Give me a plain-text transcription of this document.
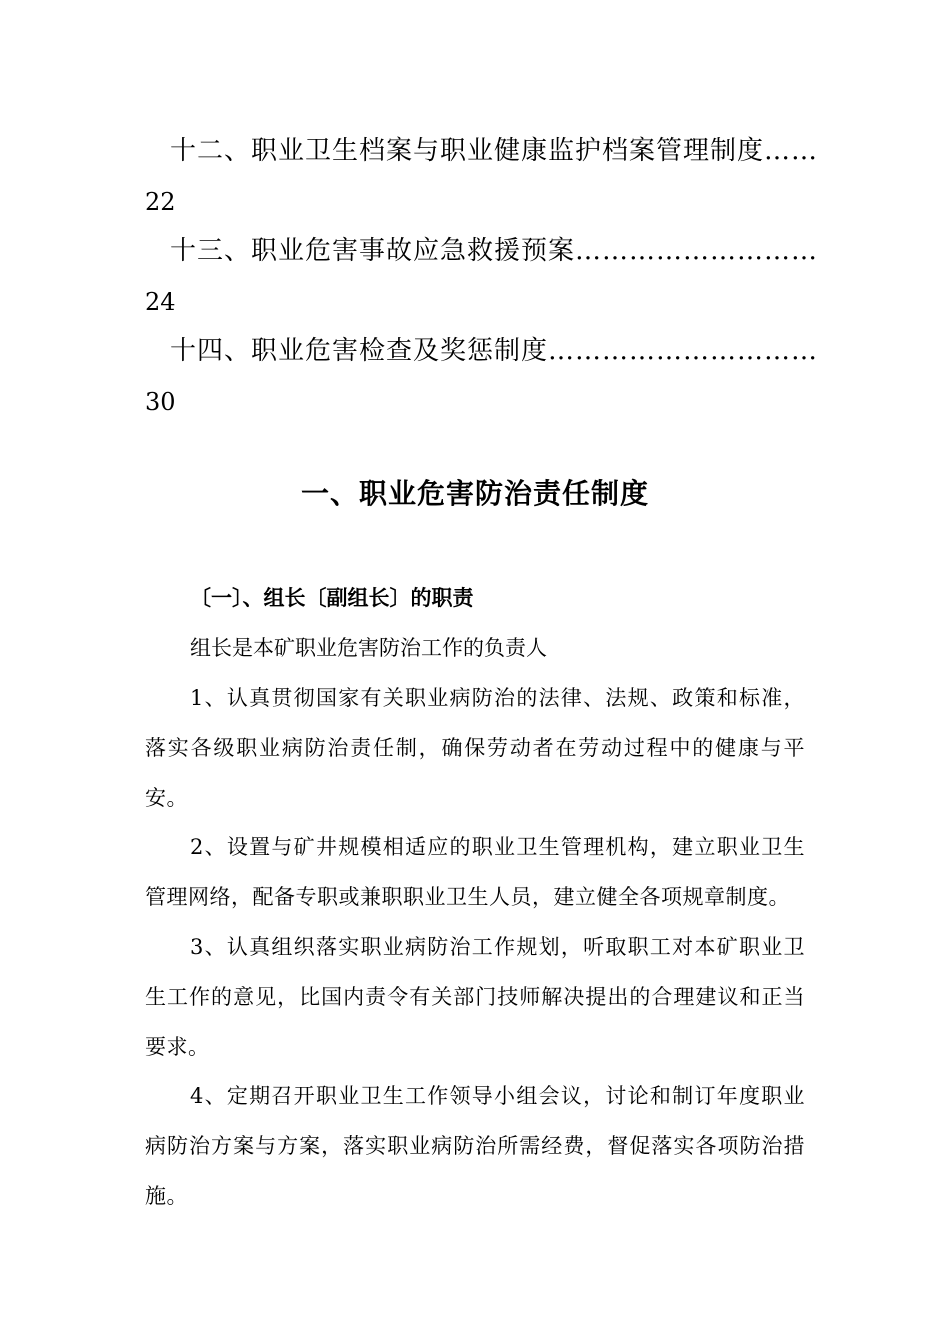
十二、职业卫生档案与职业健康监护档案管理制度……
22
十三、职业危害事故应急救援预案………………………
24
十四、职业危害检查及奖惩制度…………………………
30
一、职业危害防治责任制度
〔一〕、组长〔副组长〕的职责
组长是本矿职业危害防治工作的负责人
1、认真贯彻国家有关职业病防治的法律、法规、政策和标准，落实各级职业病防治责任制，确保劳动者在劳动过程中的健康与平安。
2、设置与矿井规模相适应的职业卫生管理机构，建立职业卫生管理网络，配备专职或兼职职业卫生人员，建立健全各项规章制度。
3、认真组织落实职业病防治工作规划，听取职工对本矿职业卫生工作的意见，比国内责令有关部门技师解决提出的合理建议和正当要求。
4、定期召开职业卫生工作领导小组会议，讨论和制订年度职业病防治方案与方案，落实职业病防治所需经费，督促落实各项防治措施。
